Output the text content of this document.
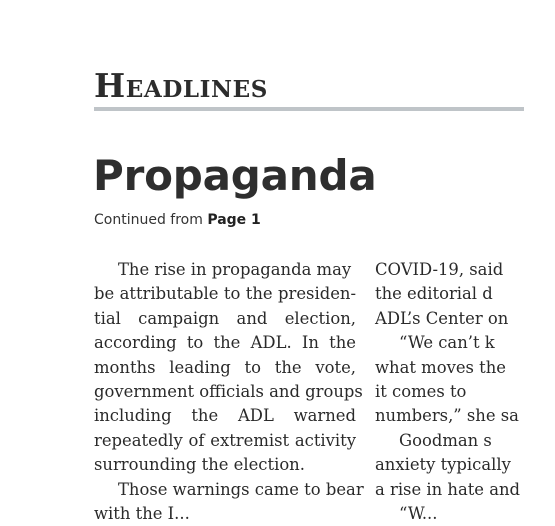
HEADLINES
Propaganda
Continued from Page 1
The rise in propaganda may
be attributable to the presiden-
tial campaign and election,
according to the ADL. In the
months leading to the vote,
government officials and groups
including the ADL warned
repeatedly of extremist activity
surrounding the election.
Those warnings came to bear
with the I...
COVID-19, said
the editorial d
ADL’s Center on
“We can’t k
what moves the
it comes to
numbers,” she sa
Goodman s
anxiety typically
a rise in hate and
“W...
